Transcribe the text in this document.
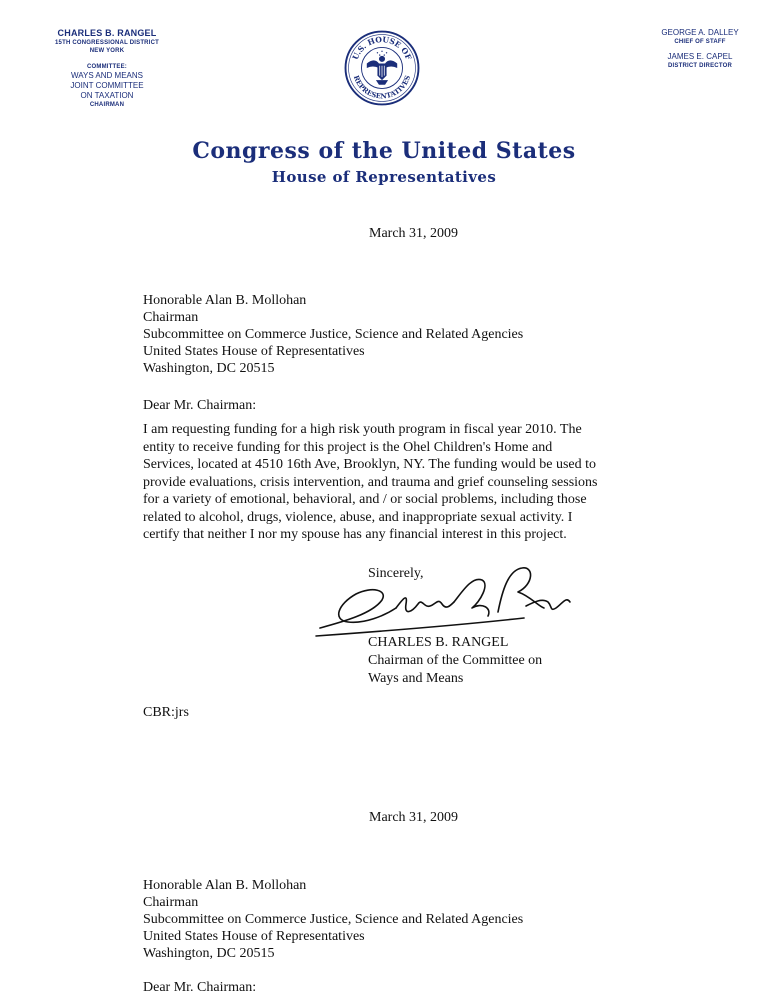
CHARLES B. RANGEL
15TH CONGRESSIONAL DISTRICT
NEW YORK
COMMITTEE:
WAYS AND MEANS
JOINT COMMITTEE
ON TAXATION
CHAIRMAN
GEORGE A. DALLEY
CHIEF OF STAFF
JAMES E. CAPEL
DISTRICT DIRECTOR
U.S. HOUSE OF
REPRESENTATIVES
Congress of the United States
House of Representatives
March 31, 2009
Honorable Alan B. Mollohan
Chairman
Subcommittee on Commerce Justice, Science and Related Agencies
United States House of Representatives
Washington, DC 20515
Dear Mr. Chairman:
I am requesting funding for a high risk youth program in fiscal year 2010. The
entity to receive funding for this project is the Ohel Children's Home and
Services, located at 4510 16th Ave, Brooklyn, NY. The funding would be used to
provide evaluations, crisis intervention, and trauma and grief counseling sessions
for a variety of emotional, behavioral, and / or social problems, including those
related to alcohol, drugs, violence, abuse, and inappropriate sexual activity. I
certify that neither I nor my spouse has any financial interest in this project.
Sincerely,
CHARLES B. RANGEL
Chairman of the Committee on
Ways and Means
CBR:jrs
March 31, 2009
Honorable Alan B. Mollohan
Chairman
Subcommittee on Commerce Justice, Science and Related Agencies
United States House of Representatives
Washington, DC 20515
Dear Mr. Chairman:
